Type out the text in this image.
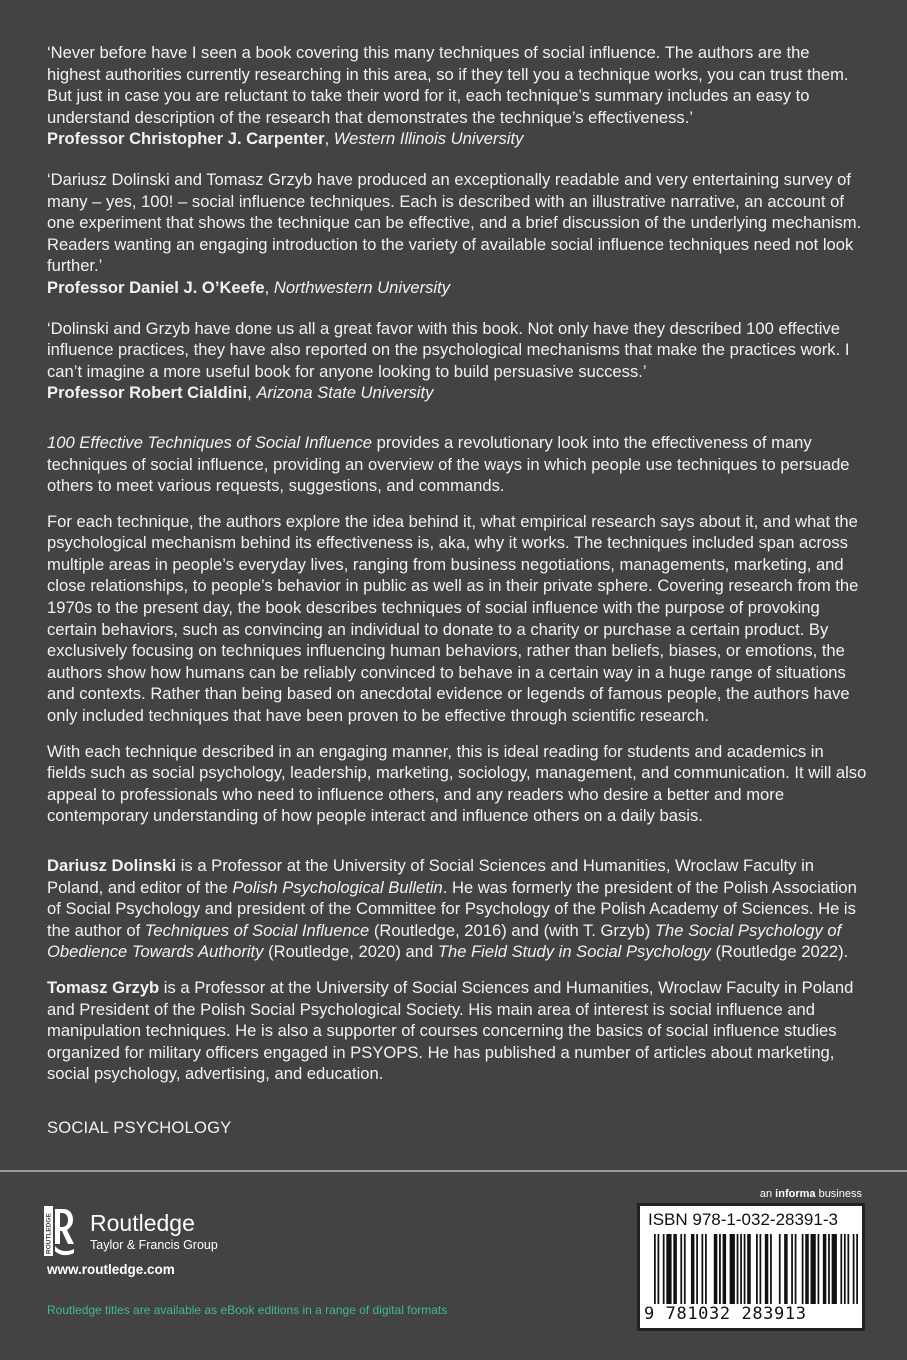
‘Never before have I seen a book covering this many techniques of social influence. The authors are the highest authorities currently researching in this area, so if they tell you a technique works, you can trust them. But just in case you are reluctant to take their word for it, each technique’s summary includes an easy to understand description of the research that demonstrates the technique’s effectiveness.’

Professor Christopher J. Carpenter, Western Illinois University

‘Dariusz Dolinski and Tomasz Grzyb have produced an exceptionally readable and very entertaining survey of many – yes, 100! – social influence techniques. Each is described with an illustrative narrative, an account of one experiment that shows the technique can be effective, and a brief discussion of the underlying mechanism. Readers wanting an engaging introduction to the variety of available social influence techniques need not look further.’

Professor Daniel J. O’Keefe, Northwestern University

‘Dolinski and Grzyb have done us all a great favor with this book. Not only have they described 100 effective influence practices, they have also reported on the psychological mechanisms that make the practices work. I can’t imagine a more useful book for anyone looking to build persuasive success.’

Professor Robert Cialdini, Arizona State University

100 Effective Techniques of Social Influence provides a revolutionary look into the effectiveness of many techniques of social influence, providing an overview of the ways in which people use techniques to persuade others to meet various requests, suggestions, and commands.

For each technique, the authors explore the idea behind it, what empirical research says about it, and what the psychological mechanism behind its effectiveness is, aka, why it works. The techniques included span across multiple areas in people’s everyday lives, ranging from business negotiations, managements, marketing, and close relationships, to people’s behavior in public as well as in their private sphere. Covering research from the 1970s to the present day, the book describes techniques of social influence with the purpose of provoking certain behaviors, such as convincing an individual to donate to a charity or purchase a certain product. By exclusively focusing on techniques influencing human behaviors, rather than beliefs, biases, or emotions, the authors show how humans can be reliably convinced to behave in a certain way in a huge range of situations and contexts. Rather than being based on anecdotal evidence or legends of famous people, the authors have only included techniques that have been proven to be effective through scientific research.

With each technique described in an engaging manner, this is ideal reading for students and academics in fields such as social psychology, leadership, marketing, sociology, management, and communication. It will also appeal to professionals who need to influence others, and any readers who desire a better and more contemporary understanding of how people interact and influence others on a daily basis.

Dariusz Dolinski is a Professor at the University of Social Sciences and Humanities, Wroclaw Faculty in Poland, and editor of the Polish Psychological Bulletin. He was formerly the president of the Polish Association of Social Psychology and president of the Committee for Psychology of the Polish Academy of Sciences. He is the author of Techniques of Social Influence (Routledge, 2016) and (with T. Grzyb) The Social Psychology of Obedience Towards Authority (Routledge, 2020) and The Field Study in Social Psychology (Routledge 2022).

Tomasz Grzyb is a Professor at the University of Social Sciences and Humanities, Wroclaw Faculty in Poland and President of the Polish Social Psychological Society. His main area of interest is social influence and manipulation techniques. He is also a supporter of courses concerning the basics of social influence studies organized for military officers engaged in PSYOPS. He has published a number of articles about marketing, social psychology, advertising, and education.

SOCIAL PSYCHOLOGY
ROUTLEDGE Routledge
Taylor & Francis Group
www.routledge.com
Routledge titles are available as eBook editions in a range of digital formats
an informa business
ISBN 978-1-032-28391-3
9 781032 283913
